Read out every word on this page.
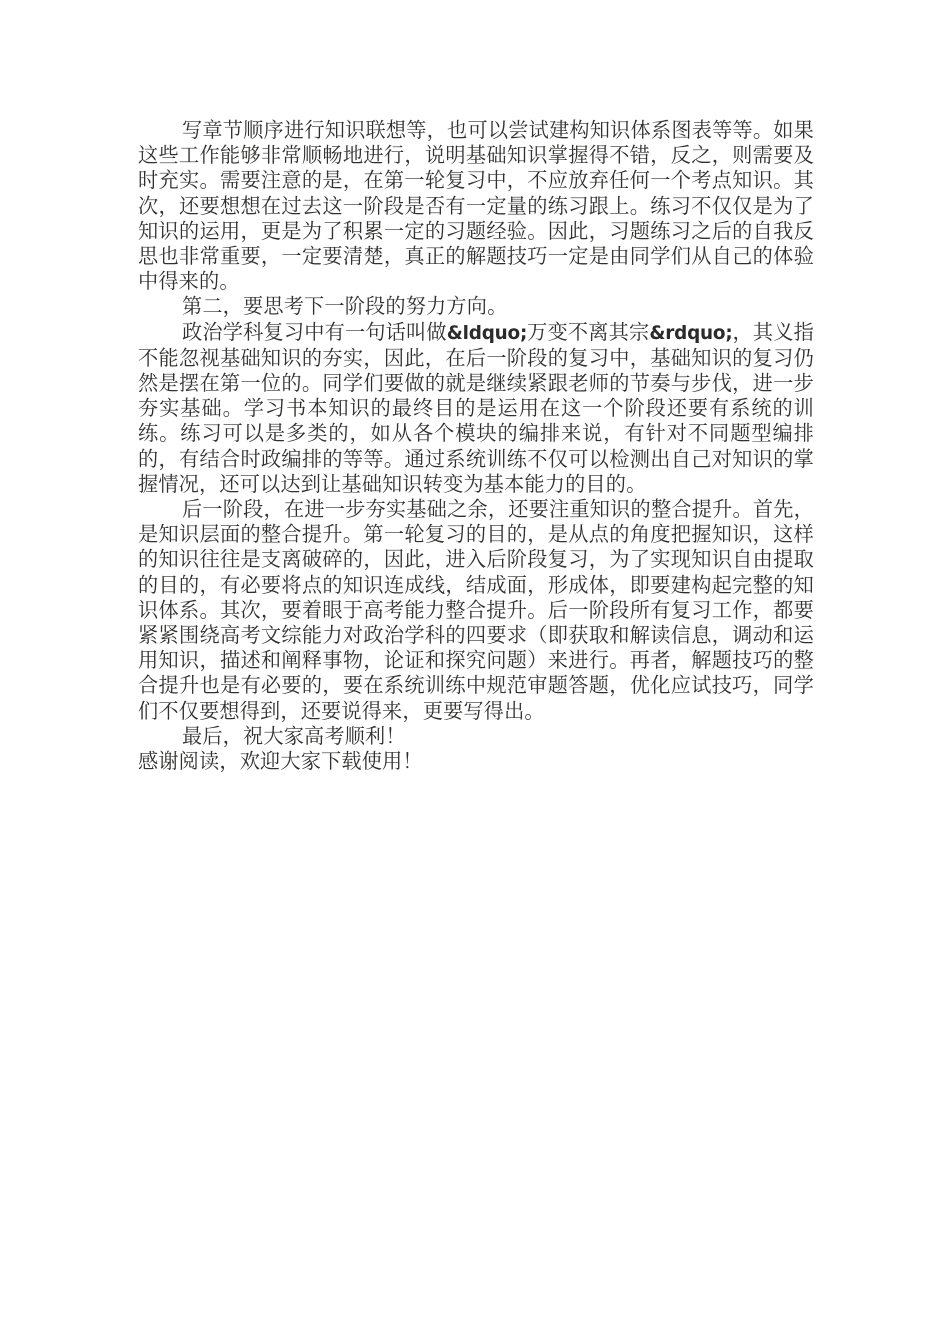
写章节顺序进行知识联想等，也可以尝试建构知识体系图表等等。如果这些工作能够非常顺畅地进行，说明基础知识掌握得不错，反之，则需要及时充实。需要注意的是，在第一轮复习中，不应放弃任何一个考点知识。其次，还要想想在过去这一阶段是否有一定量的练习跟上。练习不仅仅是为了知识的运用，更是为了积累一定的习题经验。因此，习题练习之后的自我反思也非常重要，一定要清楚，真正的解题技巧一定是由同学们从自己的体验中得来的。

第二，要思考下一阶段的努力方向。

政治学科复习中有一句话叫做&ldquo;万变不离其宗&rdquo;，其义指不能忽视基础知识的夯实，因此，在后一阶段的复习中，基础知识的复习仍然是摆在第一位的。同学们要做的就是继续紧跟老师的节奏与步伐，进一步夯实基础。学习书本知识的最终目的是运用在这一个阶段还要有系统的训练。练习可以是多类的，如从各个模块的编排来说，有针对不同题型编排的，有结合时政编排的等等。通过系统训练不仅可以检测出自己对知识的掌握情况，还可以达到让基础知识转变为基本能力的目的。

后一阶段，在进一步夯实基础之余，还要注重知识的整合提升。首先，是知识层面的整合提升。第一轮复习的目的，是从点的角度把握知识，这样的知识往往是支离破碎的，因此，进入后阶段复习，为了实现知识自由提取的目的，有必要将点的知识连成线，结成面，形成体，即要建构起完整的知识体系。其次，要着眼于高考能力整合提升。后一阶段所有复习工作，都要紧紧围绕高考文综能力对政治学科的四要求（即获取和解读信息，调动和运用知识，描述和阐释事物，论证和探究问题）来进行。再者，解题技巧的整合提升也是有必要的，要在系统训练中规范审题答题，优化应试技巧，同学们不仅要想得到，还要说得来，更要写得出。

最后，祝大家高考顺利！

感谢阅读，欢迎大家下载使用！
